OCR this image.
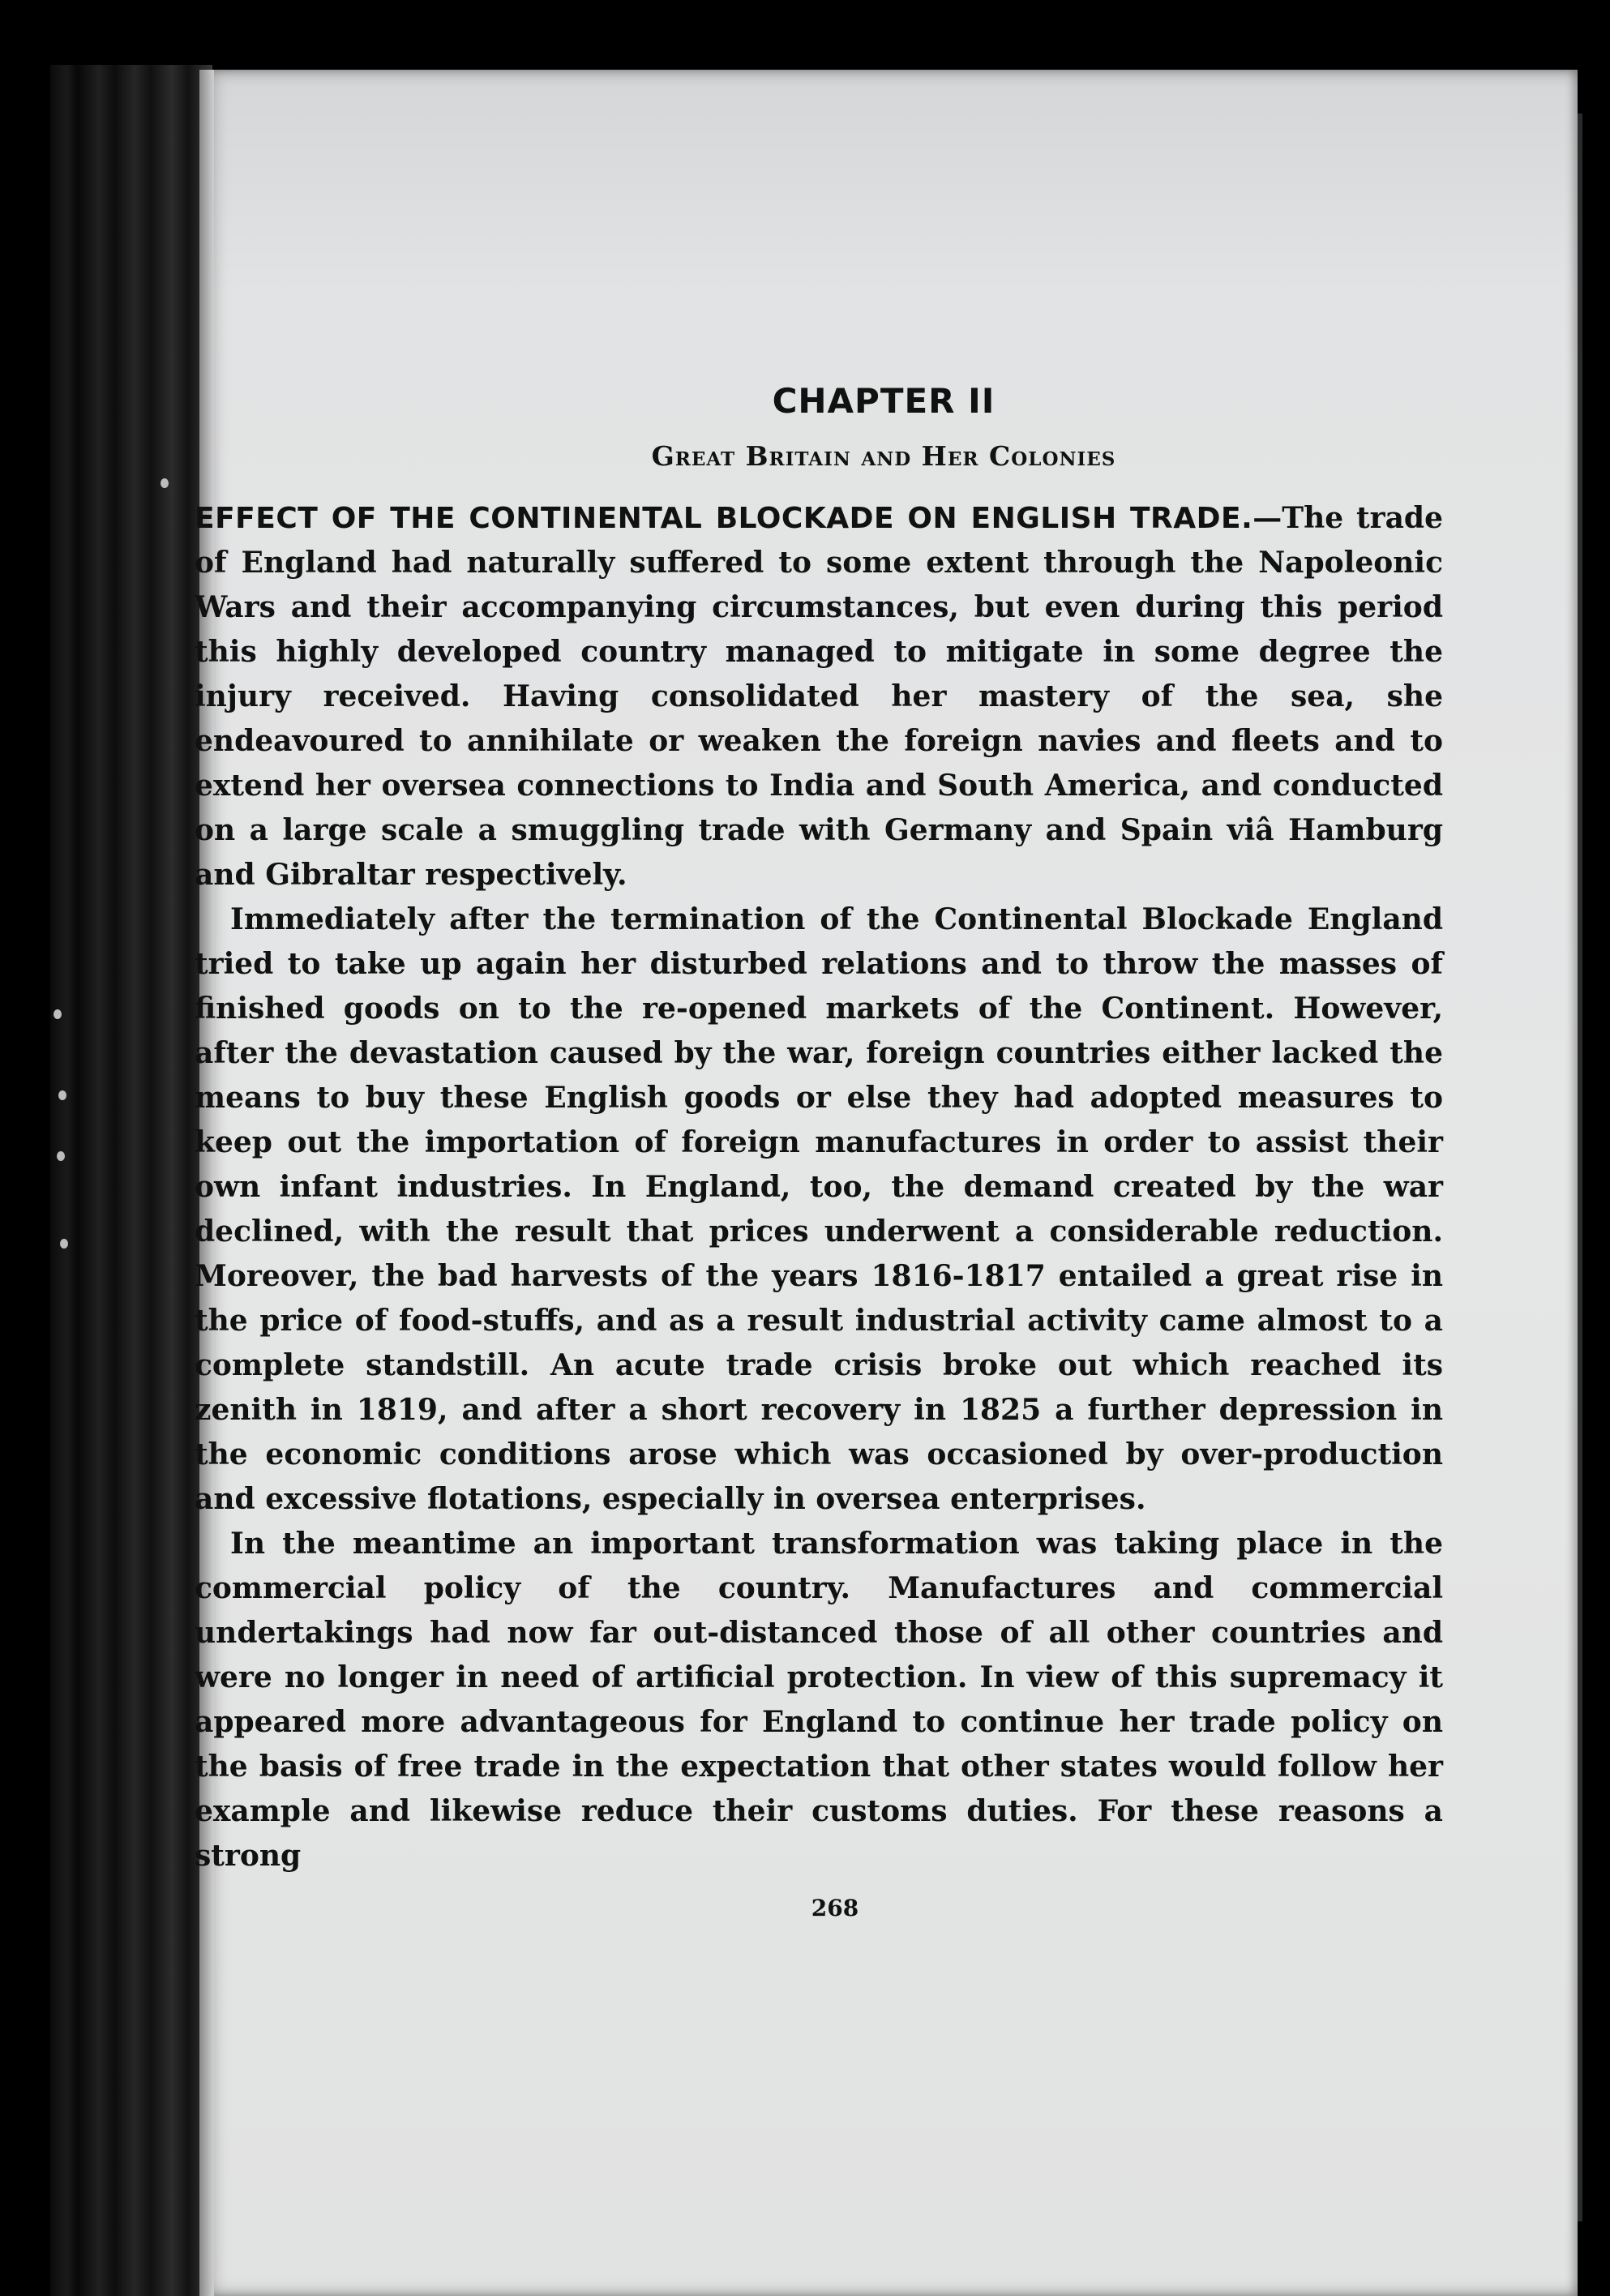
CHAPTER II
Great Britain and Her Colonies

EFFECT OF THE CONTINENTAL BLOCKADE ON ENGLISH TRADE.—The trade of England had naturally suffered to some extent through the Napoleonic Wars and their accompanying circumstances, but even during this period this highly developed country managed to mitigate in some degree the injury received. Having consolidated her mastery of the sea, she endeavoured to annihilate or weaken the foreign navies and fleets and to extend her oversea connections to India and South America, and conducted on a large scale a smuggling trade with Germany and Spain viâ Hamburg and Gibraltar respectively.

Immediately after the termination of the Continental Blockade England tried to take up again her disturbed relations and to throw the masses of finished goods on to the re-opened markets of the Continent. However, after the devastation caused by the war, foreign countries either lacked the means to buy these English goods or else they had adopted measures to keep out the importation of foreign manufactures in order to assist their own infant industries. In England, too, the demand created by the war declined, with the result that prices underwent a considerable reduction. Moreover, the bad harvests of the years 1816-1817 entailed a great rise in the price of food-stuffs, and as a result industrial activity came almost to a complete standstill. An acute trade crisis broke out which reached its zenith in 1819, and after a short recovery in 1825 a further depression in the economic conditions arose which was occasioned by over-production and excessive flotations, especially in oversea enterprises.

In the meantime an important transformation was taking place in the commercial policy of the country. Manufactures and commercial undertakings had now far out-distanced those of all other countries and were no longer in need of artificial protection. In view of this supremacy it appeared more advantageous for England to continue her trade policy on the basis of free trade in the expectation that other states would follow her example and likewise reduce their customs duties. For these reasons a strong

268
